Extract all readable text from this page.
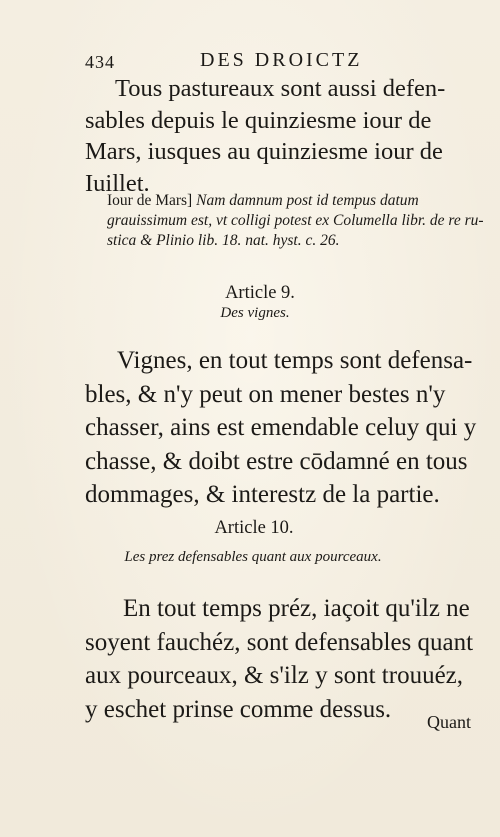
434	DES DROICTZ
Tous pastureaux sont aussi defen-
sables depuis le quinziesme iour de
Mars, iusques au quinziesme iour de
Iuillet.
Iour de Mars] Nam damnum post id tempus datum
grauissimum est, vt colligi potest ex Columella libr. de re ru-
stica & Plinio lib. 18. nat. hyst. c. 26.
Article 9.
Des vignes.
Vignes, en tout temps sont defensa-
bles, & n'y peut on mener bestes n'y
chasser, ains est emendable celuy qui y
chasse, & doibt estre cōdamné en tous
dommages, & interestz de la partie.
Article 10.
Les prez defensables quant aux pourceaux.
En tout temps préz, iaçoit qu'ilz ne
soyent fauchéz, sont defensables quant
aux pourceaux, & s'ilz y sont trouuéz,
y eschet prinse comme dessus.	Quant
